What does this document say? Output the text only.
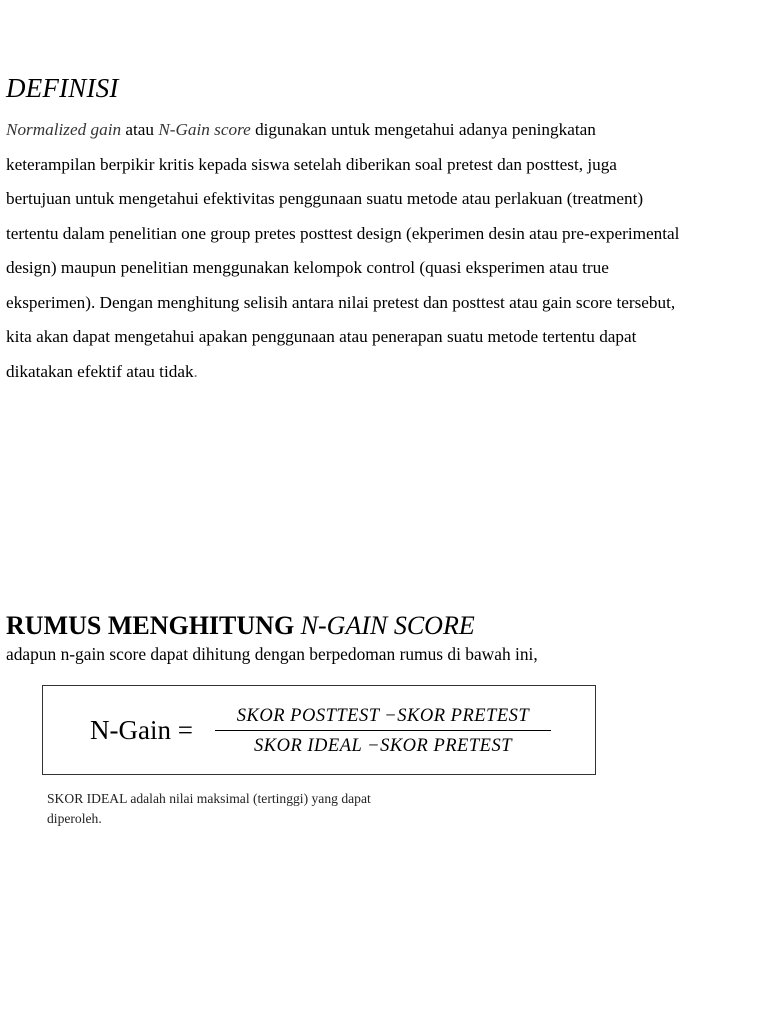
DEFINISI
Normalized gain atau N-Gain score digunakan untuk mengetahui adanya peningkatan
keterampilan berpikir kritis kepada siswa setelah diberikan soal pretest dan posttest, juga
bertujuan untuk mengetahui efektivitas penggunaan suatu metode atau perlakuan (treatment)
tertentu dalam penelitian one group pretes posttest design (ekperimen desin atau pre-experimental
design) maupun penelitian menggunakan kelompok control (quasi eksperimen atau true
eksperimen). Dengan menghitung selisih antara nilai pretest dan posttest atau gain score tersebut,
kita akan dapat mengetahui apakan penggunaan atau penerapan suatu metode tertentu dapat
dikatakan efektif atau tidak.
RUMUS MENGHITUNG N-GAIN SCORE

adapun n-gain score dapat dihitung dengan berpedoman rumus di bawah ini,

N-Gain =	SKOR POSTTEST −SKOR PRETEST
SKOR IDEAL −SKOR PRETEST

SKOR IDEAL adalah nilai maksimal (tertinggi) yang dapat
diperoleh.
